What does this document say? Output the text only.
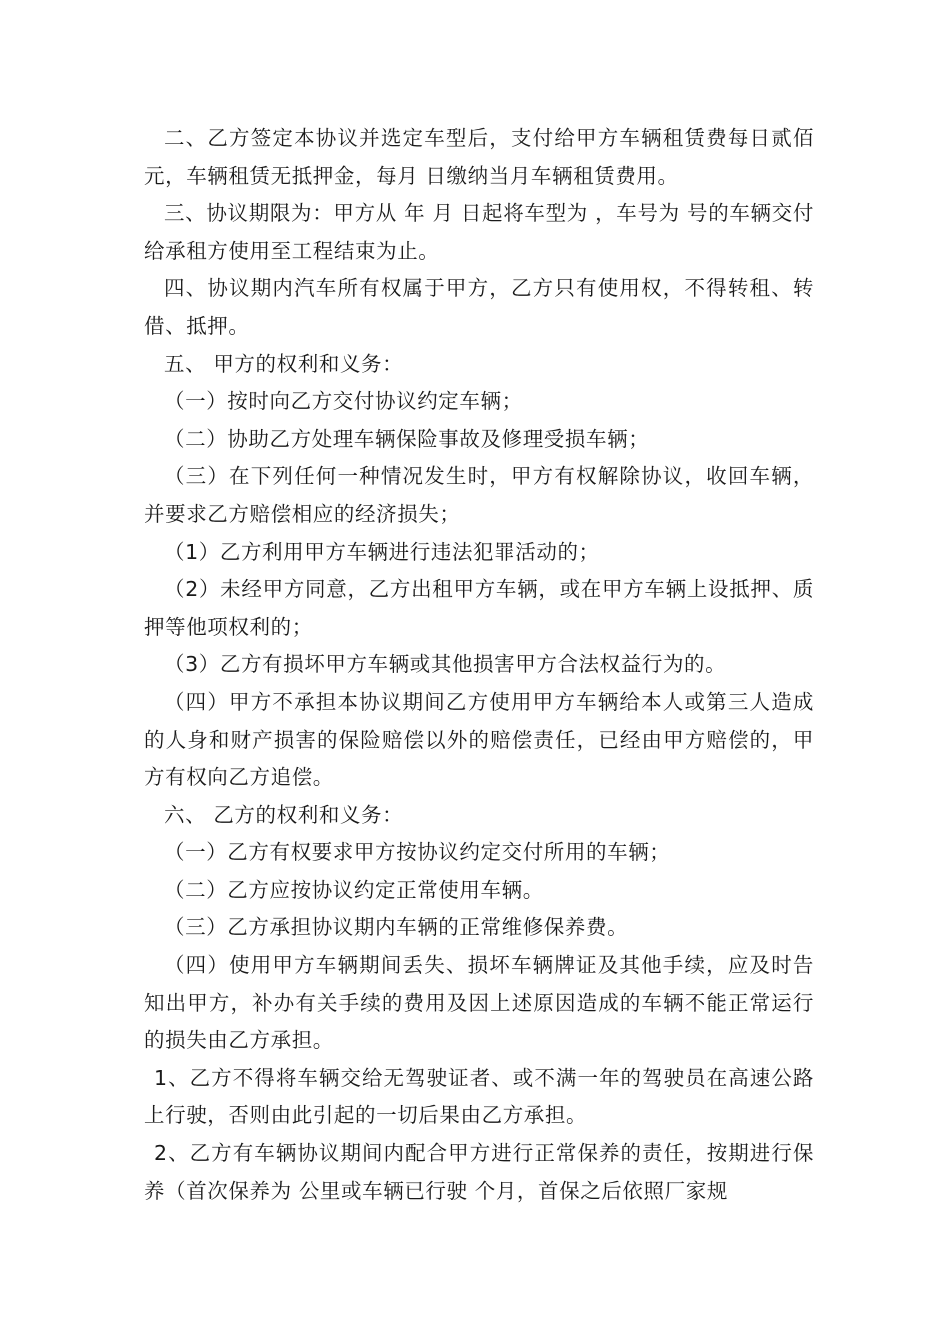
二、乙方签定本协议并选定车型后，支付给甲方车辆租赁费每日贰佰 元，车辆租赁无抵押金，每月 日缴纳当月车辆租赁费用。

三、协议期限为：甲方从 年 月 日起将车型为 ，车号为 号的车辆交付给承租方使用至工程结束为止。

四、协议期内汽车所有权属于甲方，乙方只有使用权，不得转租、转借、抵押。

五、 甲方的权利和义务：

（一）按时向乙方交付协议约定车辆；

（二）协助乙方处理车辆保险事故及修理受损车辆；

（三）在下列任何一种情况发生时，甲方有权解除协议，收回车辆，并要求乙方赔偿相应的经济损失；

（1）乙方利用甲方车辆进行违法犯罪活动的；

（2）未经甲方同意，乙方出租甲方车辆，或在甲方车辆上设抵押、质押等他项权利的；

（3）乙方有损坏甲方车辆或其他损害甲方合法权益行为的。

（四）甲方不承担本协议期间乙方使用甲方车辆给本人或第三人造成的人身和财产损害的保险赔偿以外的赔偿责任，已经由甲方赔偿的，甲方有权向乙方追偿。

六、 乙方的权利和义务：

（一）乙方有权要求甲方按协议约定交付所用的车辆；

（二）乙方应按协议约定正常使用车辆。

（三）乙方承担协议期内车辆的正常维修保养费。

（四）使用甲方车辆期间丢失、损坏车辆牌证及其他手续，应及时告知出甲方，补办有关手续的费用及因上述原因造成的车辆不能正常运行的损失由乙方承担。

1、乙方不得将车辆交给无驾驶证者、或不满一年的驾驶员在高速公路上行驶，否则由此引起的一切后果由乙方承担。

2、乙方有车辆协议期间内配合甲方进行正常保养的责任，按期进行保养（首次保养为 公里或车辆已行驶 个月，首保之后依照厂家规
